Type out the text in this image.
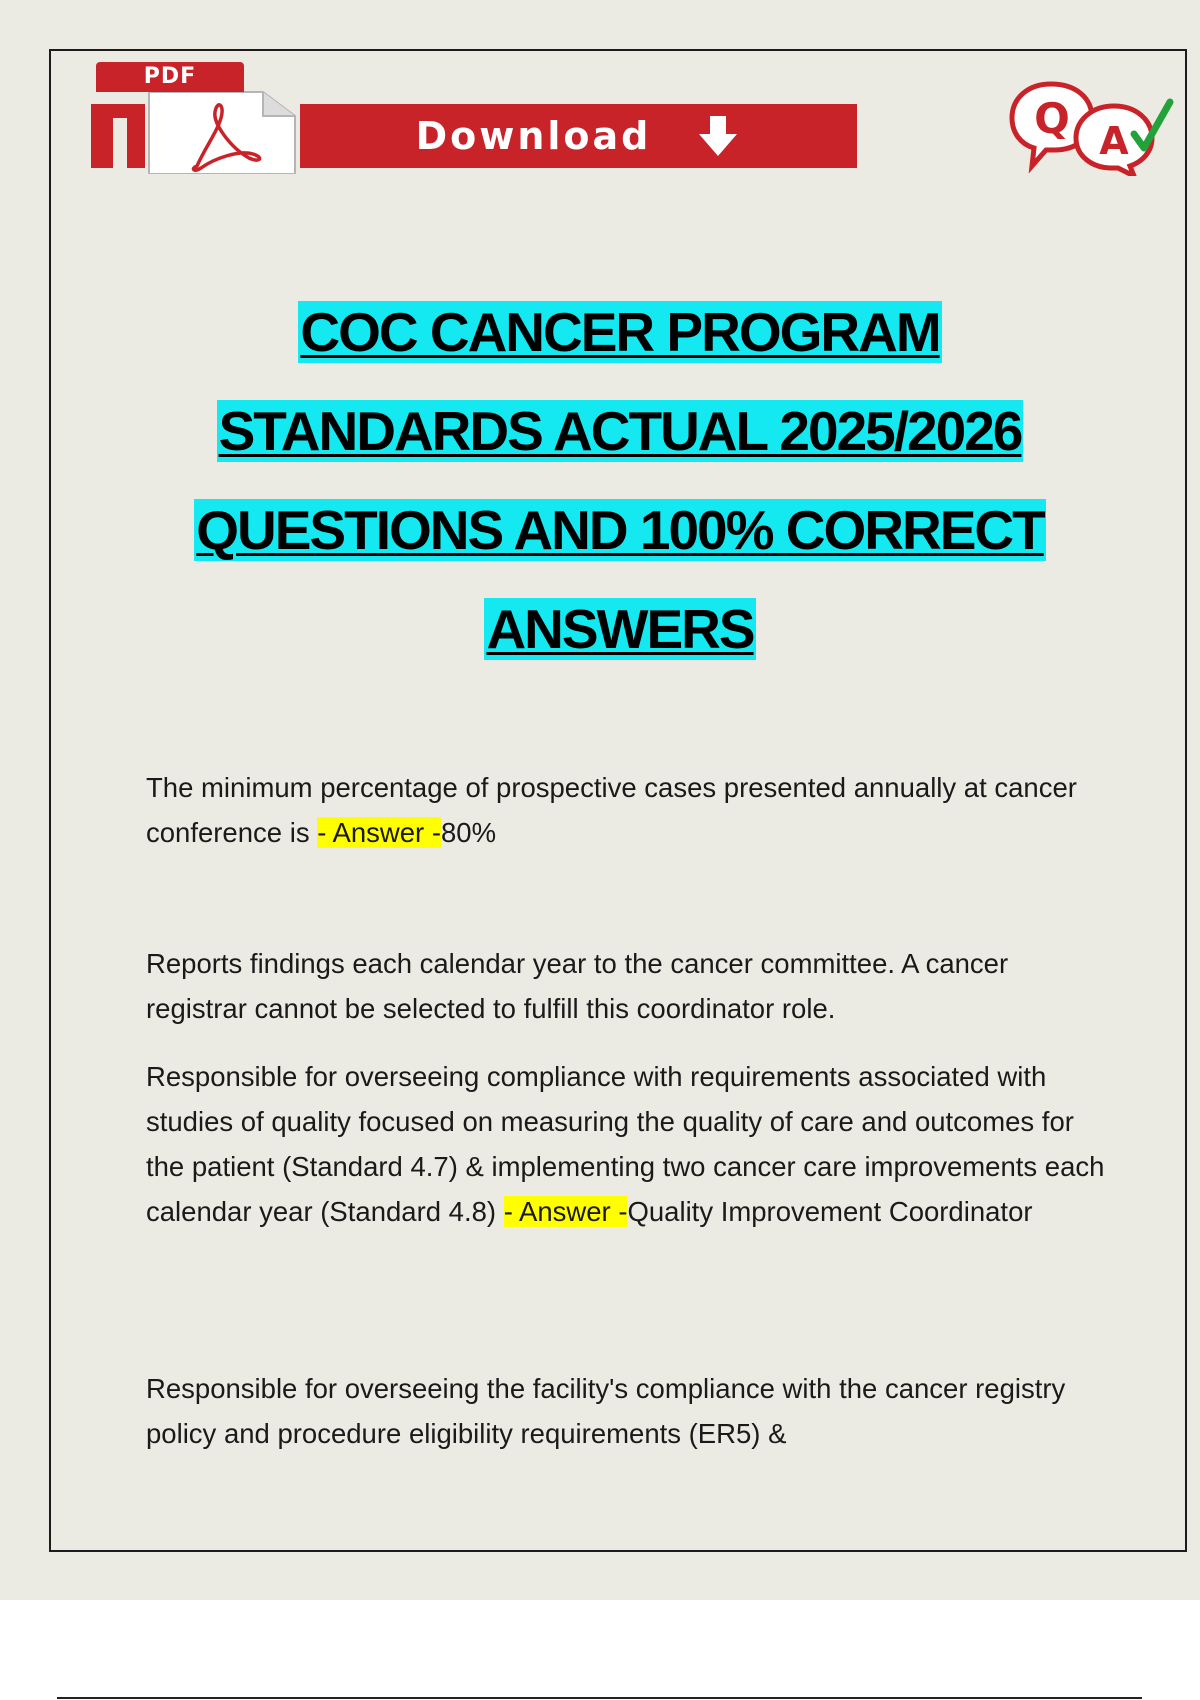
PDF
Download	Q A
COC CANCER PROGRAM
STANDARDS ACTUAL 2025/2026
QUESTIONS AND 100% CORRECT
ANSWERS
The minimum percentage of prospective cases presented annually at cancer conference is - Answer -80%
Reports findings each calendar year to the cancer committee. A cancer registrar cannot be selected to fulfill this coordinator role.
Responsible for overseeing compliance with requirements associated with studies of quality focused on measuring the quality of care and outcomes for the patient (Standard 4.7) & implementing two cancer care improvements each calendar year (Standard 4.8) - Answer -Quality Improvement Coordinator
Responsible for overseeing the facility's compliance with the cancer registry policy and procedure eligibility requirements (ER5) &
